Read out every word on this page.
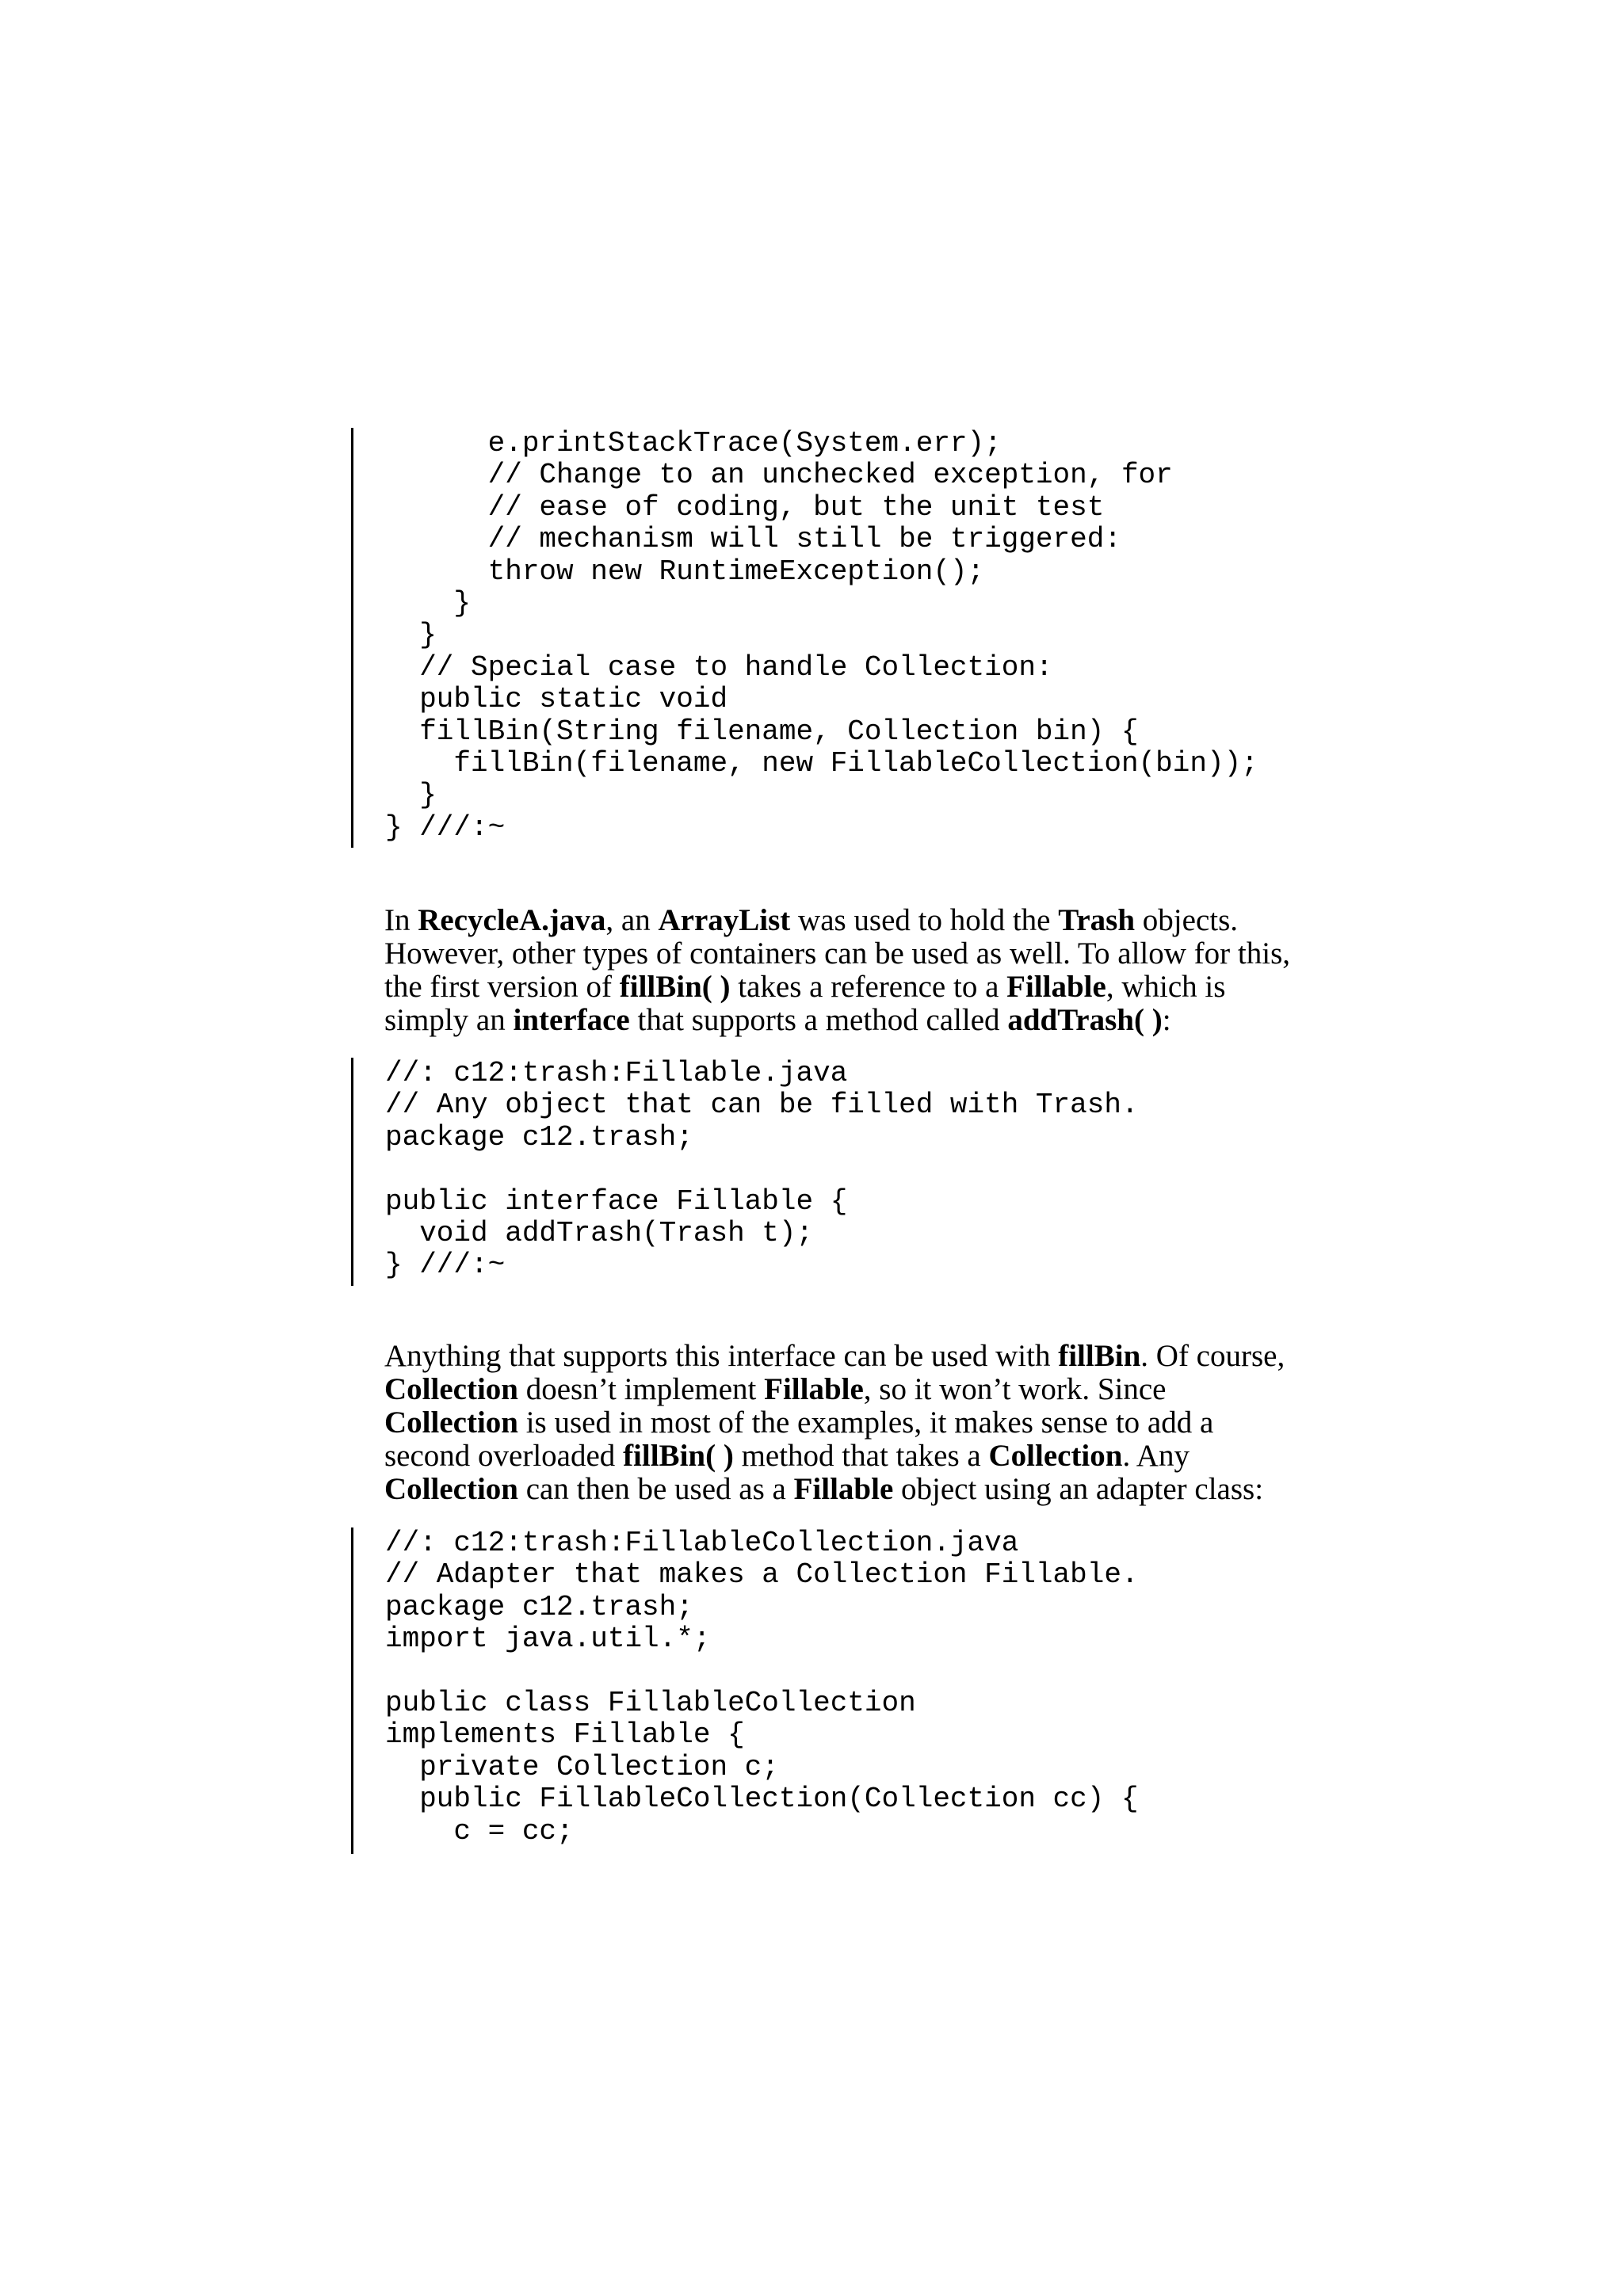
e.printStackTrace(System.err);
// Change to an unchecked exception, for
// ease of coding, but the unit test
// mechanism will still be triggered:
throw new RuntimeException();
}
}
// Special case to handle Collection:
public static void
fillBin(String filename, Collection bin) {
fillBin(filename, new FillableCollection(bin));
}
} ///:~
In RecycleA.java, an ArrayList was used to hold the Trash objects.
However, other types of containers can be used as well. To allow for this,
the first version of fillBin( ) takes a reference to a Fillable, which is
simply an interface that supports a method called addTrash( ):
//: c12:trash:Fillable.java
// Any object that can be filled with Trash.
package c12.trash;

public interface Fillable {
void addTrash(Trash t);
} ///:~
Anything that supports this interface can be used with fillBin. Of course,
Collection doesn’t implement Fillable, so it won’t work. Since
Collection is used in most of the examples, it makes sense to add a
second overloaded fillBin( ) method that takes a Collection. Any
Collection can then be used as a Fillable object using an adapter class:
//: c12:trash:FillableCollection.java
// Adapter that makes a Collection Fillable.
package c12.trash;
import java.util.*;

public class FillableCollection
implements Fillable {
private Collection c;
public FillableCollection(Collection cc) {
c = cc;
